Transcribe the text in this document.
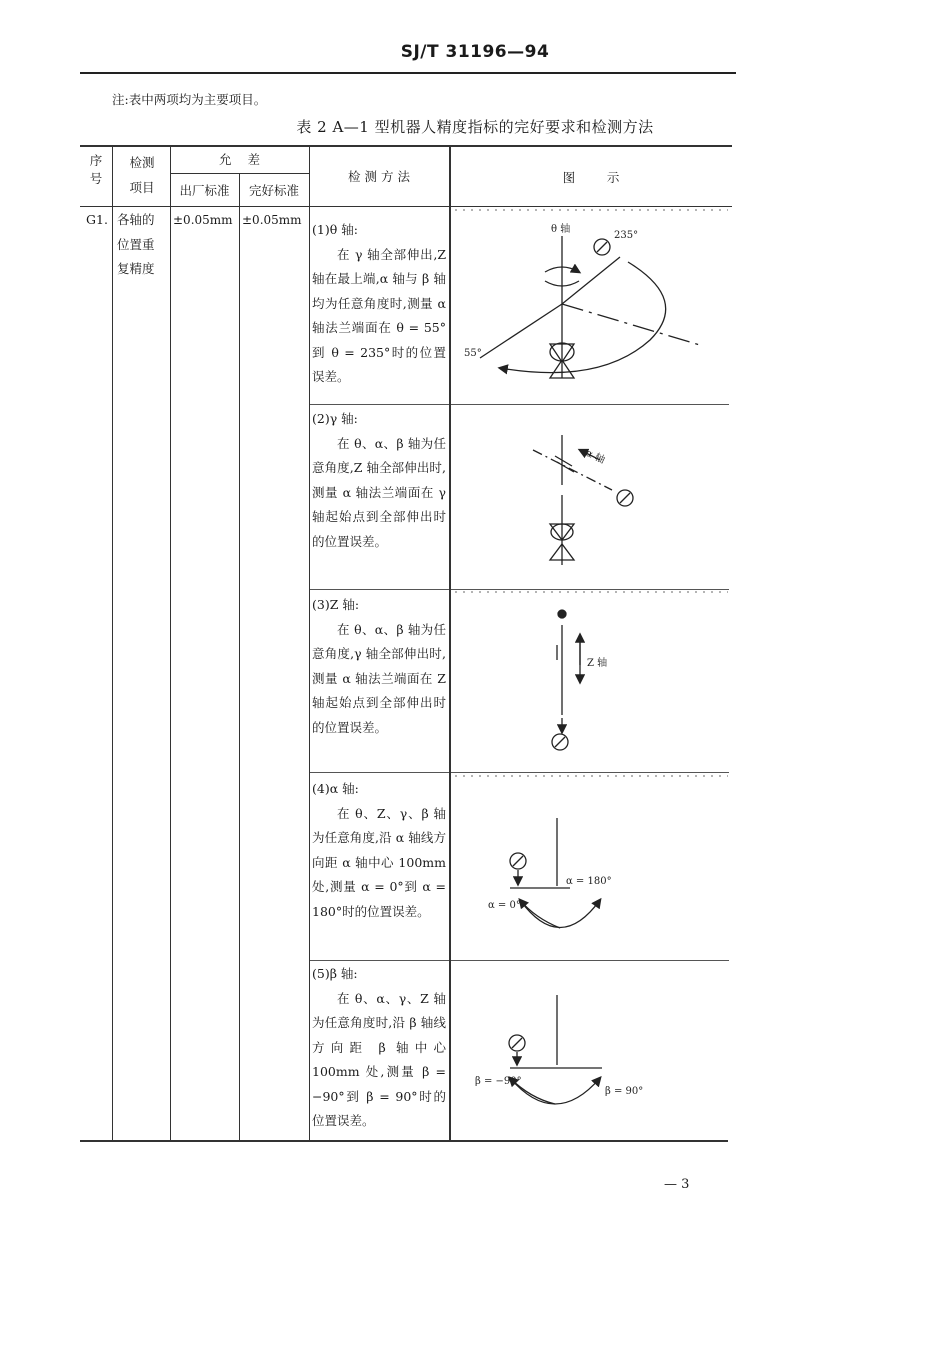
SJ/T 31196—94
注:表中两项均为主要项目。
表 2 A—1 型机器人精度指标的完好要求和检测方法
序
号
检测
项目
允    差
出厂标准	完好标准
检 测 方 法	图        示
G1. 各轴的
位置重
复精度
±0.05mm ±0.05mm
(1)θ 轴:
在 γ 轴全部伸出,Z 轴在最上端,α 轴与 β 轴均为任意角度时,测量 α 轴法兰端面在 θ = 55°到 θ = 235°时的位置误差。
(2)γ 轴:
在 θ、α、β 轴为任意角度,Z 轴全部伸出时,测量 α 轴法兰端面在 γ 轴起始点到全部伸出时的位置误差。
(3)Z 轴:
在 θ、α、β 轴为任意角度,γ 轴全部伸出时,测量 α 轴法兰端面在 Z 轴起始点到全部伸出时的位置误差。
(4)α 轴:
在 θ、Z、γ、β 轴为任意角度,沿 α 轴线方向距 α 轴中心 100mm 处,测量 α = 0°到 α = 180°时的位置误差。
(5)β 轴:
在 θ、α、γ、Z 轴为任意角度时,沿 β 轴线方向距 β 轴中心 100mm 处,测量 β = −90°到 β = 90°时的位置误差。
θ 轴
235°
55°
α 轴
Z 轴
α = 180°
α = 0°
β = −90°
β = 90°
— 3
